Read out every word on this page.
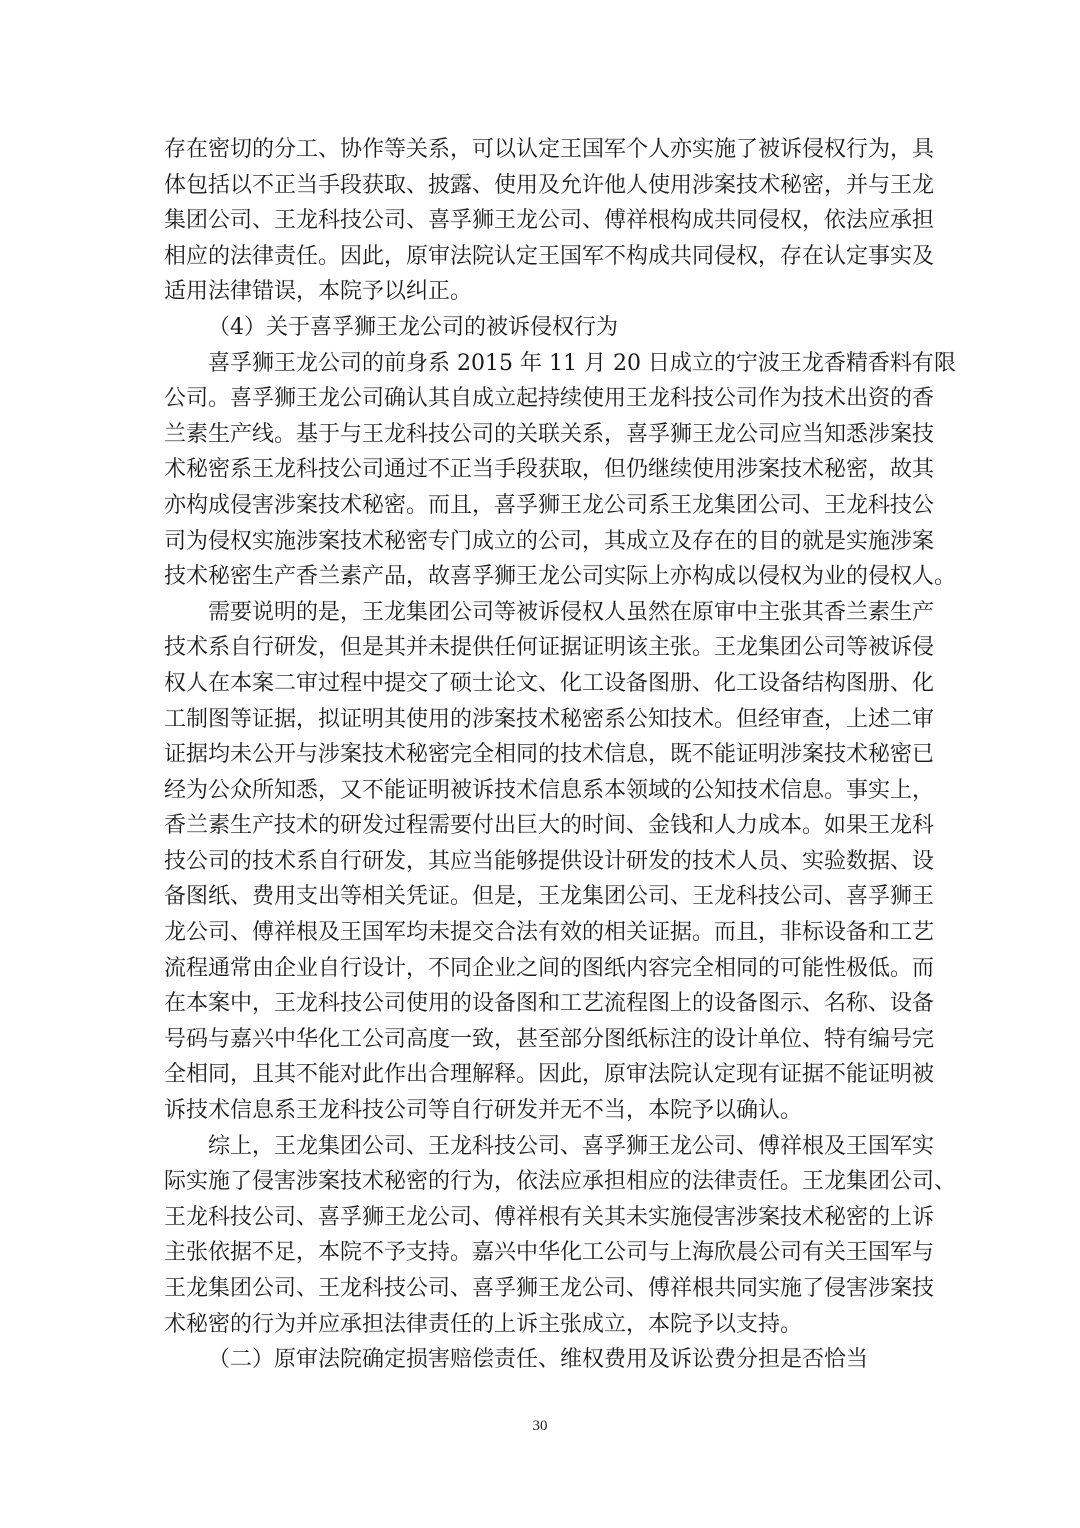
存在密切的分工、协作等关系，可以认定王国军个人亦实施了被诉侵权行为，具
体包括以不正当手段获取、披露、使用及允许他人使用涉案技术秘密，并与王龙
集团公司、王龙科技公司、喜孚狮王龙公司、傅祥根构成共同侵权，依法应承担
相应的法律责任。因此，原审法院认定王国军不构成共同侵权，存在认定事实及
适用法律错误，本院予以纠正。
（4）关于喜孚狮王龙公司的被诉侵权行为
喜孚狮王龙公司的前身系 2015 年 11 月 20 日成立的宁波王龙香精香料有限
公司。喜孚狮王龙公司确认其自成立起持续使用王龙科技公司作为技术出资的香
兰素生产线。基于与王龙科技公司的关联关系，喜孚狮王龙公司应当知悉涉案技
术秘密系王龙科技公司通过不正当手段获取，但仍继续使用涉案技术秘密，故其
亦构成侵害涉案技术秘密。而且，喜孚狮王龙公司系王龙集团公司、王龙科技公
司为侵权实施涉案技术秘密专门成立的公司，其成立及存在的目的就是实施涉案
技术秘密生产香兰素产品，故喜孚狮王龙公司实际上亦构成以侵权为业的侵权人。
需要说明的是，王龙集团公司等被诉侵权人虽然在原审中主张其香兰素生产
技术系自行研发，但是其并未提供任何证据证明该主张。王龙集团公司等被诉侵
权人在本案二审过程中提交了硕士论文、化工设备图册、化工设备结构图册、化
工制图等证据，拟证明其使用的涉案技术秘密系公知技术。但经审查，上述二审
证据均未公开与涉案技术秘密完全相同的技术信息，既不能证明涉案技术秘密已
经为公众所知悉，又不能证明被诉技术信息系本领域的公知技术信息。事实上，
香兰素生产技术的研发过程需要付出巨大的时间、金钱和人力成本。如果王龙科
技公司的技术系自行研发，其应当能够提供设计研发的技术人员、实验数据、设
备图纸、费用支出等相关凭证。但是，王龙集团公司、王龙科技公司、喜孚狮王
龙公司、傅祥根及王国军均未提交合法有效的相关证据。而且，非标设备和工艺
流程通常由企业自行设计，不同企业之间的图纸内容完全相同的可能性极低。而
在本案中，王龙科技公司使用的设备图和工艺流程图上的设备图示、名称、设备
号码与嘉兴中华化工公司高度一致，甚至部分图纸标注的设计单位、特有编号完
全相同，且其不能对此作出合理解释。因此，原审法院认定现有证据不能证明被
诉技术信息系王龙科技公司等自行研发并无不当，本院予以确认。
综上，王龙集团公司、王龙科技公司、喜孚狮王龙公司、傅祥根及王国军实
际实施了侵害涉案技术秘密的行为，依法应承担相应的法律责任。王龙集团公司、
王龙科技公司、喜孚狮王龙公司、傅祥根有关其未实施侵害涉案技术秘密的上诉
主张依据不足，本院不予支持。嘉兴中华化工公司与上海欣晨公司有关王国军与
王龙集团公司、王龙科技公司、喜孚狮王龙公司、傅祥根共同实施了侵害涉案技
术秘密的行为并应承担法律责任的上诉主张成立，本院予以支持。
（二）原审法院确定损害赔偿责任、维权费用及诉讼费分担是否恰当
30
